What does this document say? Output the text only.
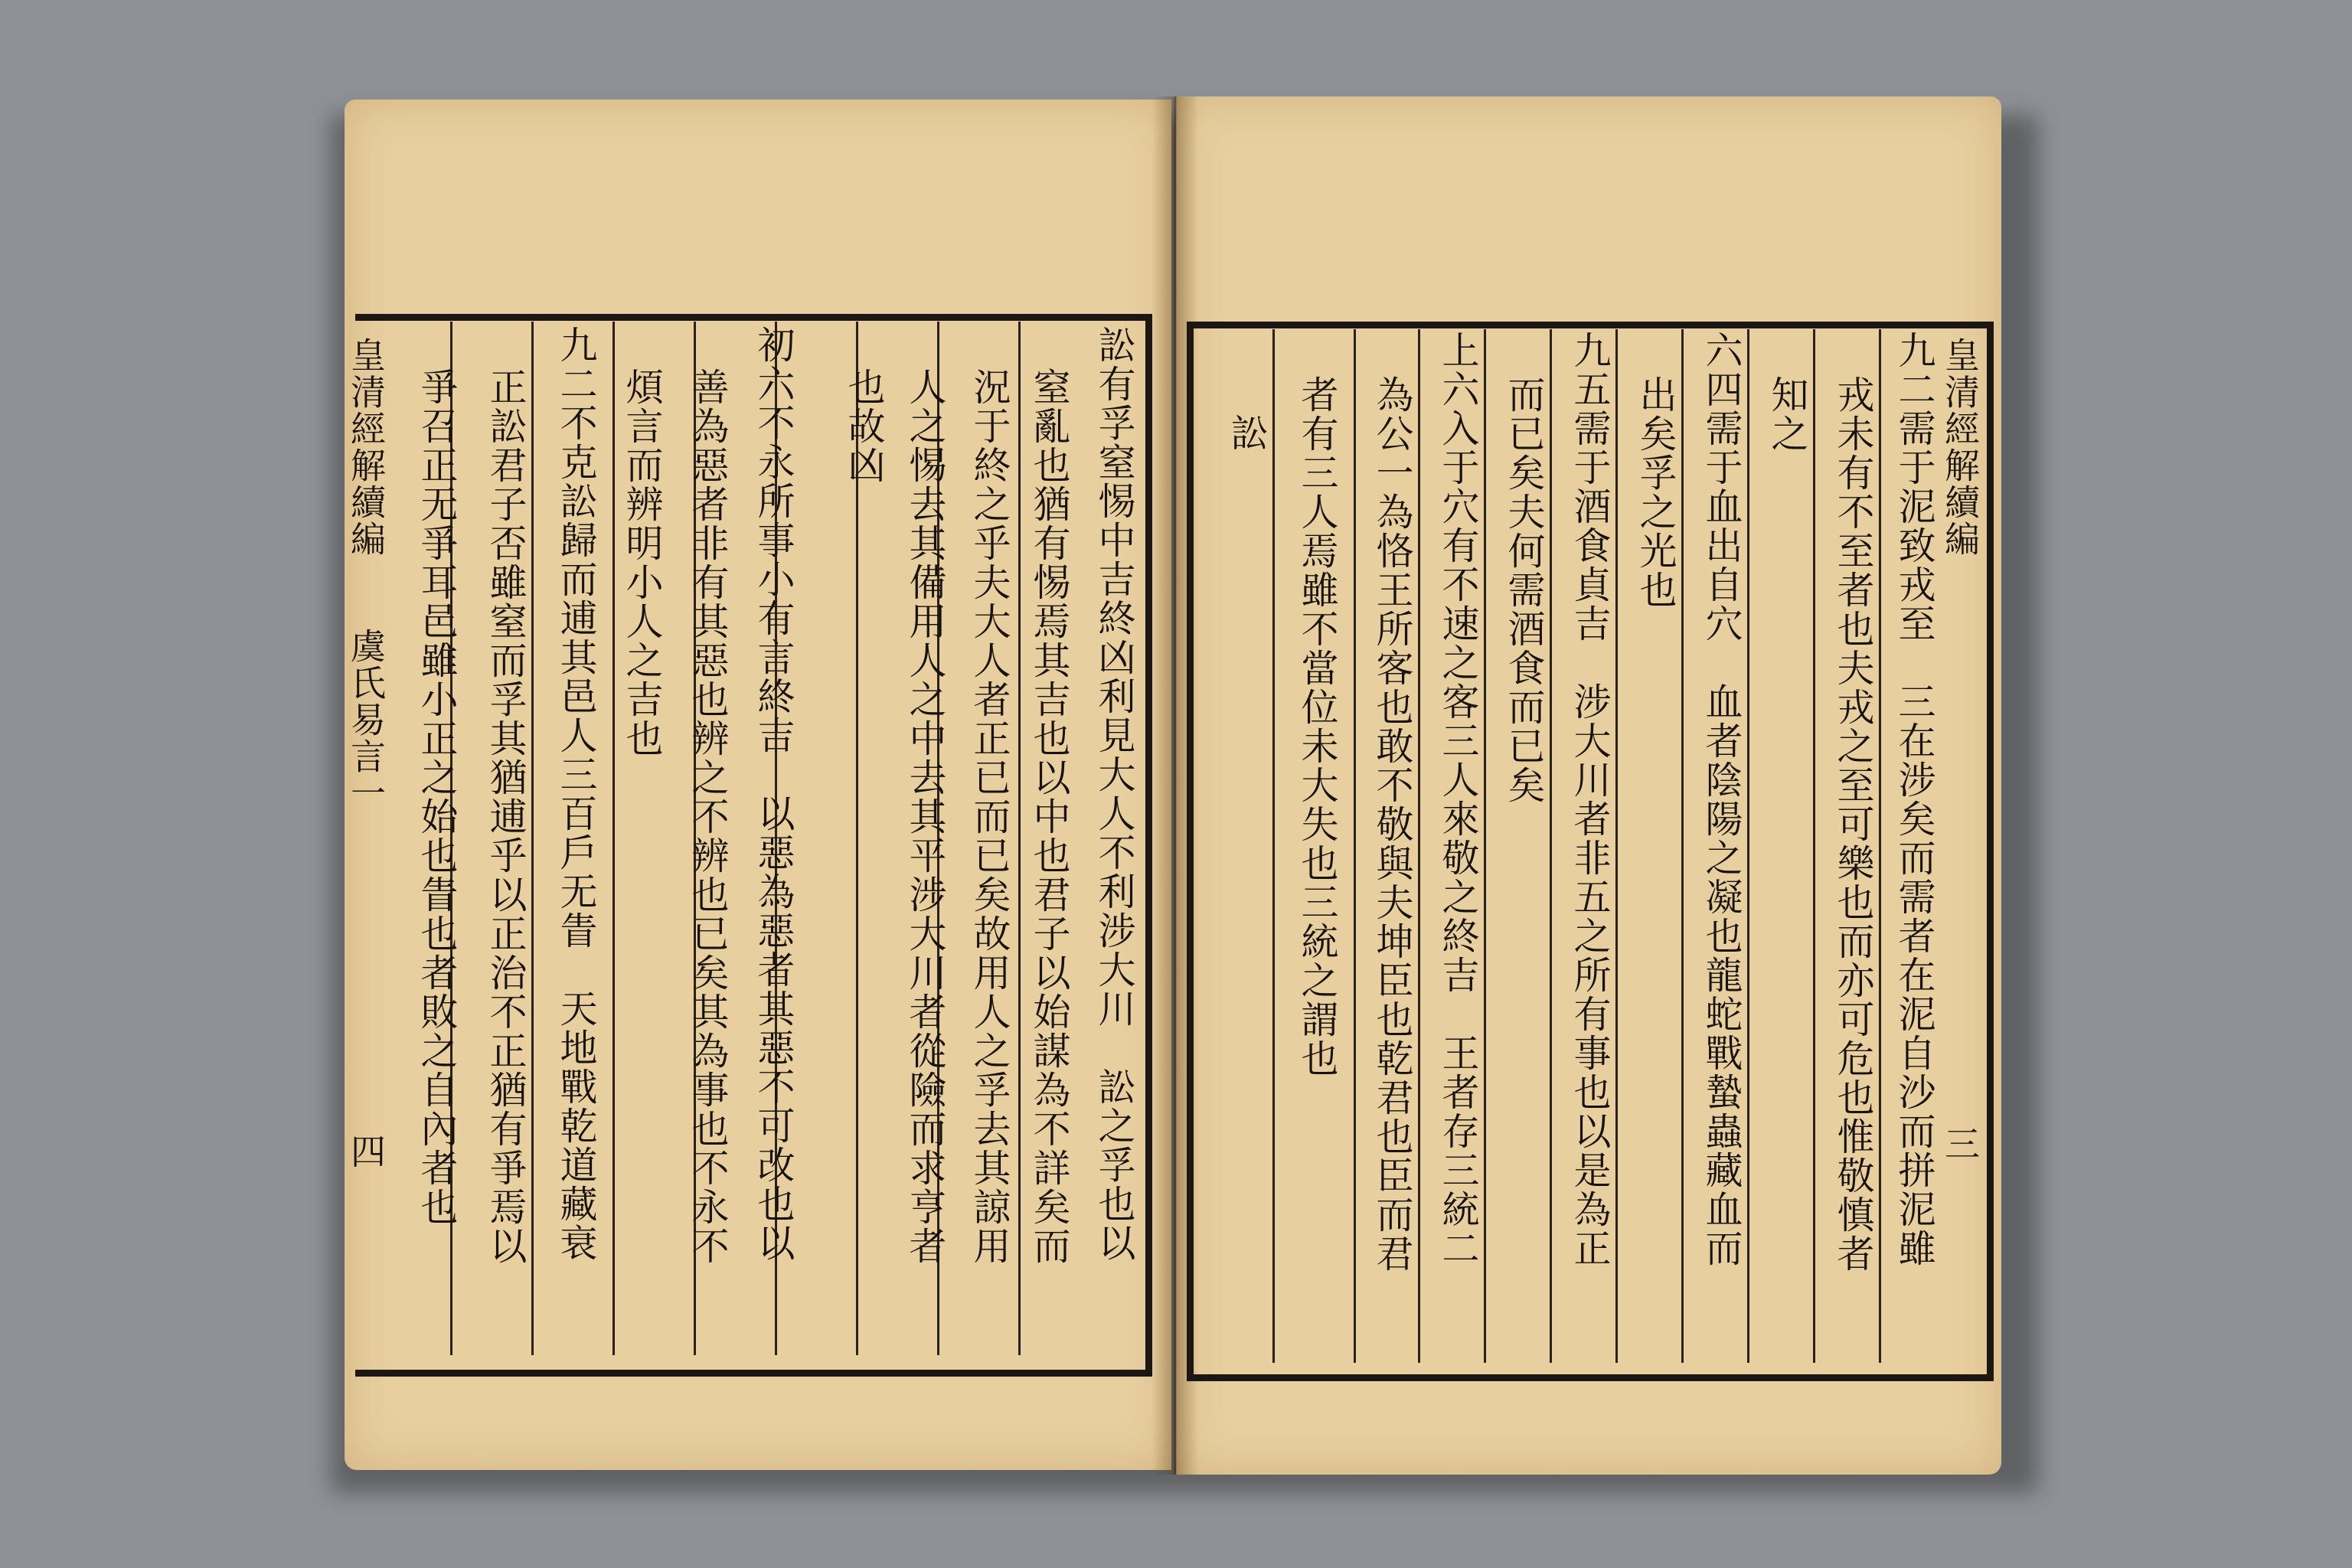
皇清經解續編
虞氏易言一
四	訟有孚窒惕中吉終凶利見大人不利涉大川　訟之孚也以
窒亂也猶有惕焉其吉也以中也君子以始謀為不詳矣而
況于終之乎夫大人者正已而已矣故用人之孚去其諒用
人之惕去其備用人之中去其平涉大川者從險而求亨者
也故凶
初六不永所事小有言終吉　以惡為惡者其惡不可改也以
善為惡者非有其惡也辨之不辨也已矣其為事也不永不
煩言而辨明小人之吉也
九二不克訟歸而逋其邑人三百戶无眚　天地戰乾道藏衰
正訟君子否雖窒而孚其猶逋乎以正治不正猶有爭焉以
爭召正无爭耳邑雖小正之始也眚也者敗之自內者也	皇清經解續編
三
九二需于泥致戎至　三在涉矣而需者在泥自沙而拼泥雖
戎未有不至者也夫戎之至可樂也而亦可危也惟敬慎者
知之
六四需于血出自穴　血者陰陽之凝也龍蛇戰蟄蟲藏血而
出矣孚之光也
九五需于酒食貞吉　涉大川者非五之所有事也以是為正
而已矣夫何需酒食而已矣
上六入于穴有不速之客三人來敬之終吉　王者存三統二
為公一為恪王所客也敢不敬與夫坤臣也乾君也臣而君
者有三人焉雖不當位未大失也三統之謂也
訟
